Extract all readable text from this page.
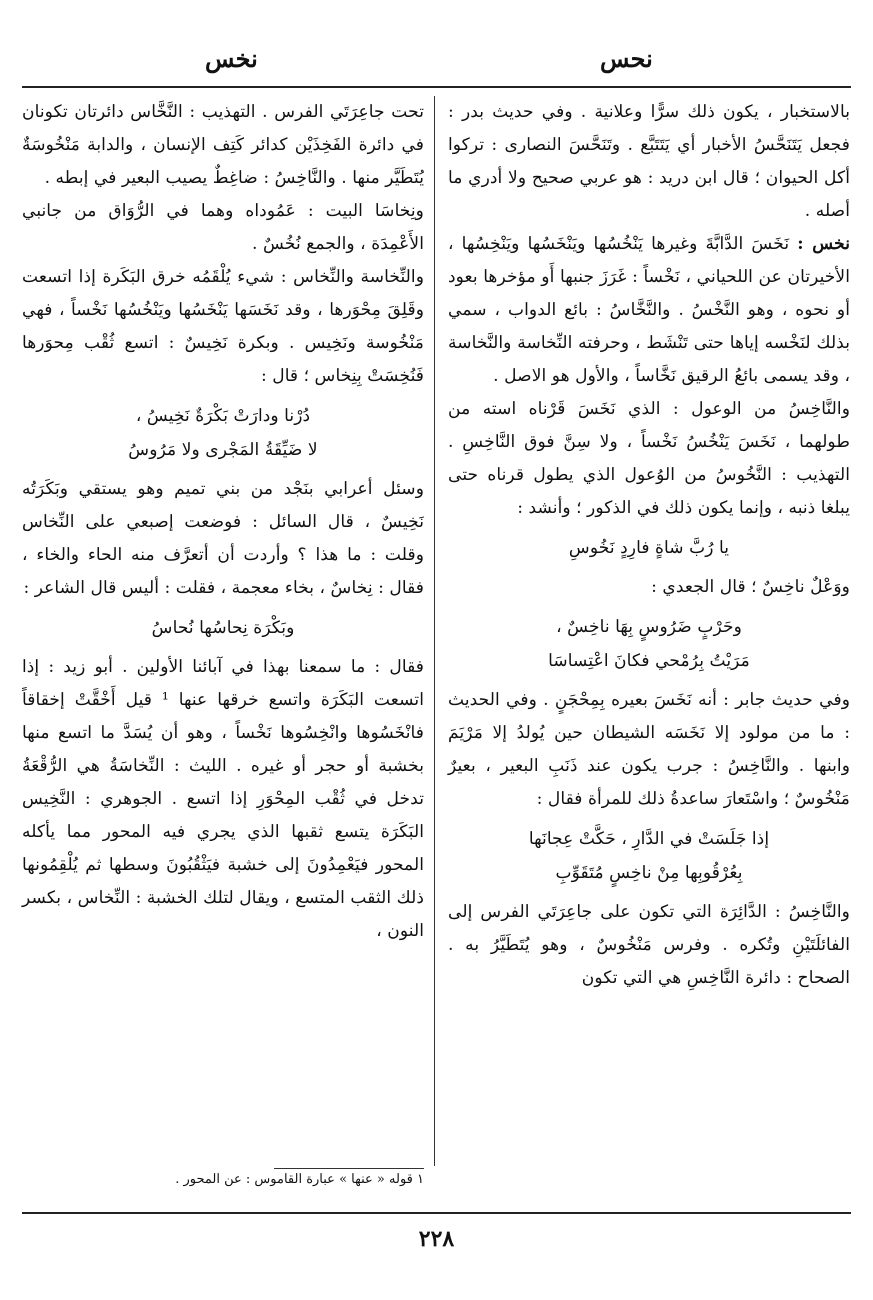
نحس
نخس

بالاستخبار ، يكون ذلك سرًّا وعلانية . وفي حديث بدر : فجعل يَتَنَحَّسُ الأخبار أي يَتَتَبَّع . وتَنَحَّسَ النصارى : تركوا أكل الحيوان ؛ قال ابن دريد : هو عربي صحيح ولا أدري ما أصله .

نخس : نَخَسَ الدَّابَّةَ وغيرها يَنْخُسُها ويَنْخَسُها ويَنْخِسُها ، الأخيرتان عن اللحياني ، نَخْساً : غَرَزَ جنبها أَو مؤخرها بعود أو نحوه ، وهو النَّخْسُ . والنَّخَّاسُ : بائع الدواب ، سمي بذلك لنَخْسه إياها حتى تَنْشَط ، وحرفته النِّخاسة والنَّخاسة ، وقد يسمى بائعُ الرقيق نَخَّاساً ، والأول هو الاصل .

والنَّاخِسُ من الوعول : الذي نَخَسَ قَرْناه استه من طولهما ، نَخَسَ يَنْخُسُ نَخْساً ، ولا سِنَّ فوق النَّاخِسِ . التهذيب : النَّخُوسُ من الوُعول الذي يطول قرناه حتى يبلغا ذنبه ، وإنما يكون ذلك في الذكور ؛ وأنشد :

يا رُبَّ شاةٍ فارِدٍ نَخُوسِ

ووَعْلٌ ناخِسٌ ؛ قال الجعدي :

وحَرْبٍ ضَرُوسٍ بِهَا ناخِسٌ ،
مَرَيْتُ بِرُمْحي فكانَ اعْتِساسَا

وفي حديث جابر : أنه نَخَسَ بعيره بِمِحْجَنٍ . وفي الحديث : ما من مولود إلا نَخَسَه الشيطان حين يُولدُ إلا مَرْيَمَ وابنها . والنَّاخِسُ : جرب يكون عند ذَنَبِ البعير ، بعيرٌ مَنْخُوسٌ ؛ واسْتَعارَ ساعدةُ ذلك للمرأة فقال :

إذا جَلَسَتْ في الدَّارِ ، حَكَّتْ عِجانَها
بِعُرْقُوبِها مِنْ ناخِسٍ مُتَقَوِّبِ

والنَّاخِسُ : الدَّائِرَة التي تكون على جاعِرَتَي الفرس إلى الفائلَتَيْنِ وتُكره . وفرس مَنْخُوسٌ ، وهو يُتَطَيَّرُ به . الصحاح : دائرة النَّاخِسِ هي التي تكون

تحت جاعِرَتَي الفرس . التهذيب : النَّخَّاس دائرتان تكونان في دائرة الفَخِذَيْن كدائر كَتِف الإنسان ، والدابة مَنْخُوسَةٌ يُتَطَيَّر منها . والنَّاخِسُ : ضاغِطٌ يصيب البعير في إبطه .

ونِخاسَا البيت : عَمُوداه وهما في الرُّوَاق من جانبي الأَعْمِدَة ، والجمع نُخُسٌ .

والنِّخاسة والنِّخاس : شيء يُلْقَمُه خرق البَكَرة إذا اتسعت وقَلِقَ مِحْوَرها ، وقد نَخَسَها يَنْخَسُها ويَنْخُسُها نَخْساً ، فهي مَنْخُوسة ونَخِيس . وبكرة نَخِيسٌ : اتسع ثُقْب مِحوَرها فَنُخِسَتْ بِنِخاس ؛ قال :

دُرْنا ودارَتْ بَكْرَةٌ نَخِيسُ ،
لا ضَيِّقَةُ المَجْرى ولا مَرُوسُ

وسئل أعرابي بنَجْد من بني تميم وهو يستقي وبَكَرَتُه نَخِيسٌ ، قال السائل : فوضعت إصبعي على النِّخاس وقلت : ما هذا ؟ وأردت أن أتعرَّف منه الحاء والخاء ، فقال : نِخاسٌ ، بخاء معجمة ، فقلت : أليس قال الشاعر :

وبَكْرَة نِحاسُها نُحاسُ

فقال : ما سمعنا بهذا في آبائنا الأولين . أبو زيد : إذا اتسعت البَكَرَة واتسع خرقها عنها ¹ قيل أَخْقَّتْ إخقاقاً فانْخَسُوها وانْخِسُوها نَخْساً ، وهو أن يُسَدَّ ما اتسع منها بخشبة أو حجر أو غيره . الليث : النِّخاسَةُ هي الرُّقْعَةُ تدخل في ثُقْب المِحْوَرِ إذا اتسع . الجوهري : النَّخِيس البَكَرَة يتسع ثقبها الذي يجري فيه المحور مما يأكله المحور فيَعْمِدُونَ إلى خشبة فيَثْقُبُونَ وسطها ثم يُلْقِمُونها ذلك الثقب المتسع ، ويقال لتلك الخشبة : النِّخاس ، بكسر النون ،

١ قوله « عنها » عبارة القاموس : عن المحور .
٢٢٨
